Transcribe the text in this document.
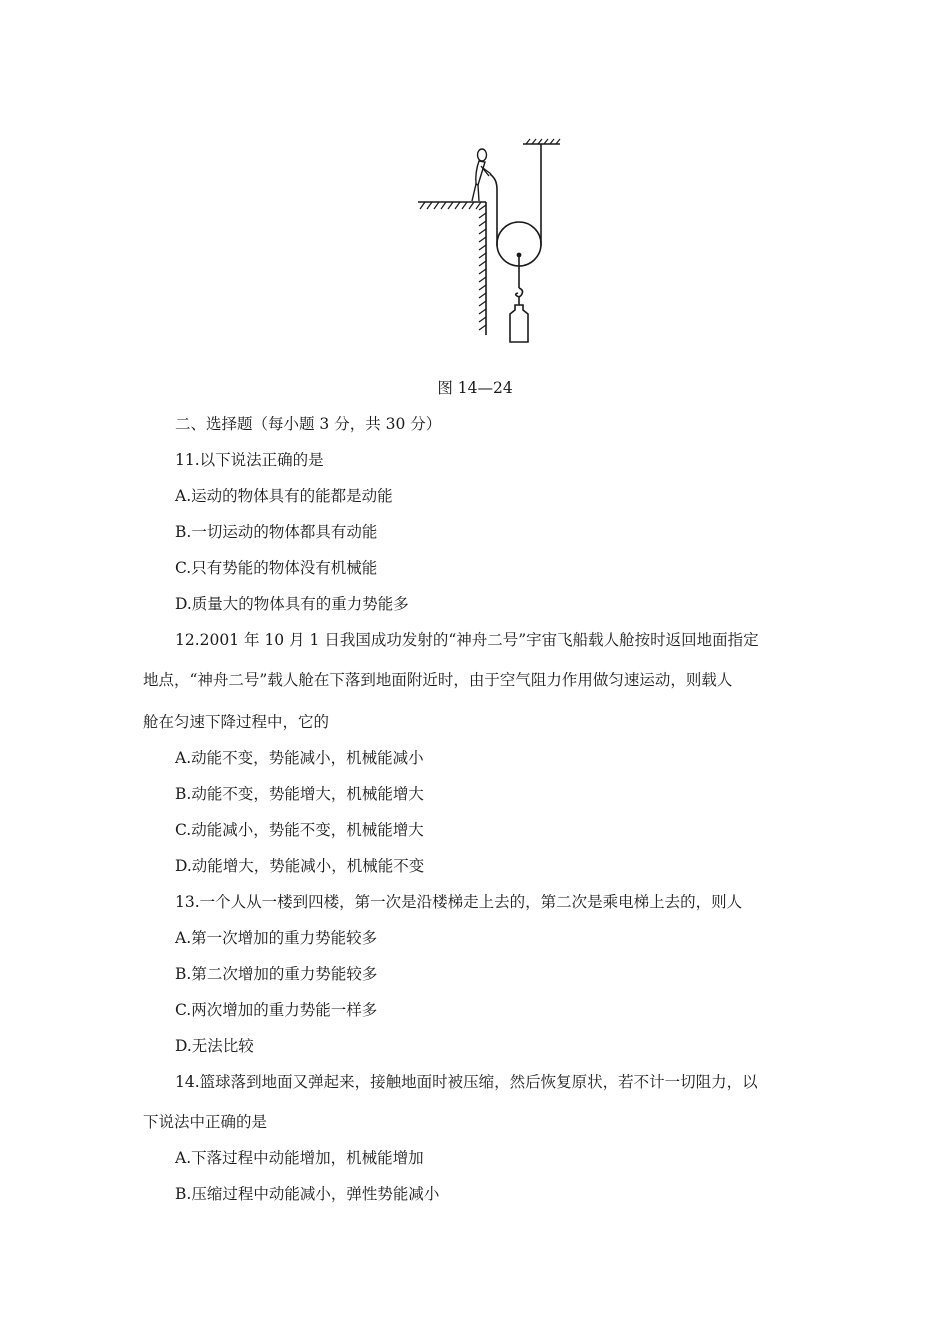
图 14—24
二、选择题（每小题 3 分，共 30 分）
11.以下说法正确的是
A.运动的物体具有的能都是动能
B.一切运动的物体都具有动能
C.只有势能的物体没有机械能
D.质量大的物体具有的重力势能多
12.2001 年 10 月 1 日我国成功发射的“神舟二号”宇宙飞船载人舱按时返回地面指定
地点，“神舟二号”载人舱在下落到地面附近时，由于空气阻力作用做匀速运动，则载人
舱在匀速下降过程中，它的
A.动能不变，势能减小，机械能减小
B.动能不变，势能增大，机械能增大
C.动能减小，势能不变，机械能增大
D.动能增大，势能减小，机械能不变
13.一个人从一楼到四楼，第一次是沿楼梯走上去的，第二次是乘电梯上去的，则人
A.第一次增加的重力势能较多
B.第二次增加的重力势能较多
C.两次增加的重力势能一样多
D.无法比较
14.篮球落到地面又弹起来，接触地面时被压缩，然后恢复原状，若不计一切阻力，以
下说法中正确的是
A.下落过程中动能增加，机械能增加
B.压缩过程中动能减小，弹性势能减小
